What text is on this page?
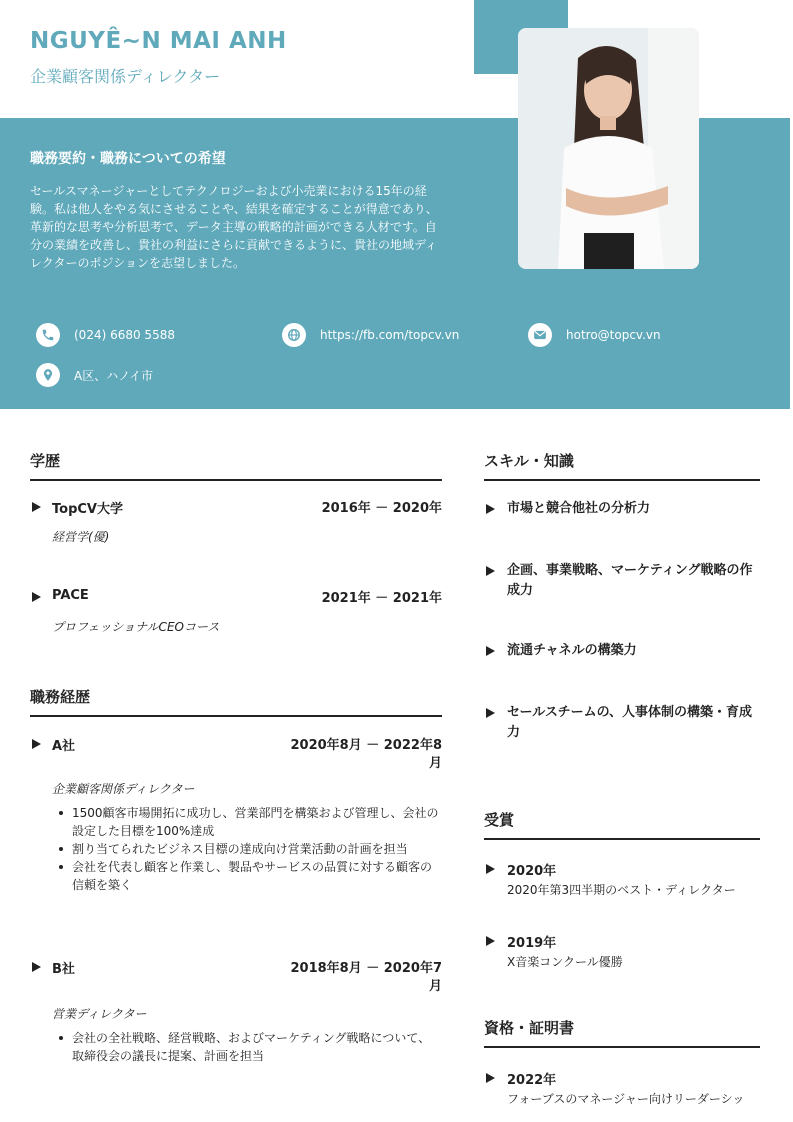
NGUYÊ~N MAI ANH
企業顧客関係ディレクター
職務要約・職務についての希望

セールスマネージャーとしてテクノロジーおよび小売業における15年の経験。私は他人をやる気にさせることや、結果を確定することが得意であり、革新的な思考や分析思考で、データ主導の戦略的計画ができる人材です。自分の業績を改善し、貴社の利益にさらに貢献できるように、貴社の地域ディレクターのポジションを志望しました。

(024) 6680 5588	https://fb.com/topcv.vn	hotro@topcv.vn
A区、ハノイ市
学歴
TopCV大学	2016年 － 2020年
経営学(優)
PACE	2021年 － 2021年
プロフェッショナルCEOコース
職務経歴
A社	2020年8月 － 2022年8
月
企業顧客関係ディレクター
1500顧客市場開拓に成功し、営業部門を構築および管理し、会社の設定した目標を100%達成
割り当てられたビジネス目標の達成向け営業活動の計画を担当
会社を代表し顧客と作業し、製品やサービスの品質に対する顧客の信頼を築く
B社	2018年8月 － 2020年7
月
営業ディレクター
会社の全社戦略、経営戦略、およびマーケティング戦略について、取締役会の議長に提案、計画を担当
スキル・知識
市場と競合他社の分析力
企画、事業戦略、マーケティング戦略の作成力
流通チャネルの構築力
セールスチームの、人事体制の構築・育成力
受賞
2020年
2020年第3四半期のベスト・ディレクター
2019年
X音楽コンクール優勝
資格・証明書
2022年
フォーブスのマネージャー向けリーダーシッ
